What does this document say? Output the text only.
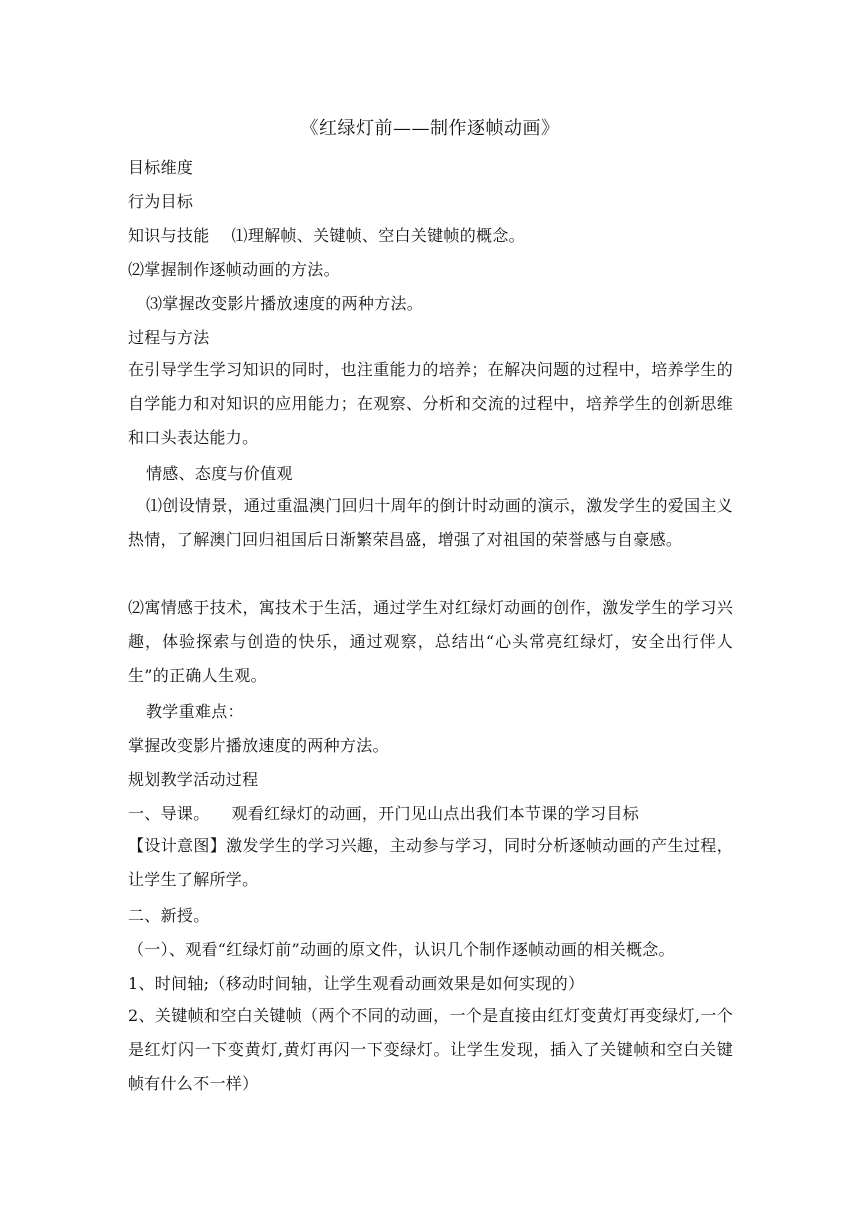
《红绿灯前——制作逐帧动画》
目标维度
行为目标
知识与技能 ⑴理解帧、关键帧、空白关键帧的概念。
⑵掌握制作逐帧动画的方法。
⑶掌握改变影片播放速度的两种方法。
过程与方法
在引导学生学习知识的同时，也注重能力的培养；在解决问题的过程中，培养学生的自学能力和对知识的应用能力；在观察、分析和交流的过程中，培养学生的创新思维和口头表达能力。
情感、态度与价值观
⑴创设情景，通过重温澳门回归十周年的倒计时动画的演示，激发学生的爱国主义热情，了解澳门回归祖国后日渐繁荣昌盛，增强了对祖国的荣誉感与自豪感。
⑵寓情感于技术，寓技术于生活，通过学生对红绿灯动画的创作，激发学生的学习兴趣，体验探索与创造的快乐，通过观察，总结出“心头常亮红绿灯，安全出行伴人生”的正确人生观。
教学重难点：
掌握改变影片播放速度的两种方法。
规划教学活动过程
一、导课。 观看红绿灯的动画，开门见山点出我们本节课的学习目标
【设计意图】激发学生的学习兴趣，主动参与学习，同时分析逐帧动画的产生过程，让学生了解所学。
二、新授。
（一）、观看“红绿灯前”动画的原文件，认识几个制作逐帧动画的相关概念。
1、时间轴;（移动时间轴，让学生观看动画效果是如何实现的）
2、关键帧和空白关键帧（两个不同的动画，一个是直接由红灯变黄灯再变绿灯,一个是红灯闪一下变黄灯,黄灯再闪一下变绿灯。让学生发现，插入了关键帧和空白关键帧有什么不一样）
